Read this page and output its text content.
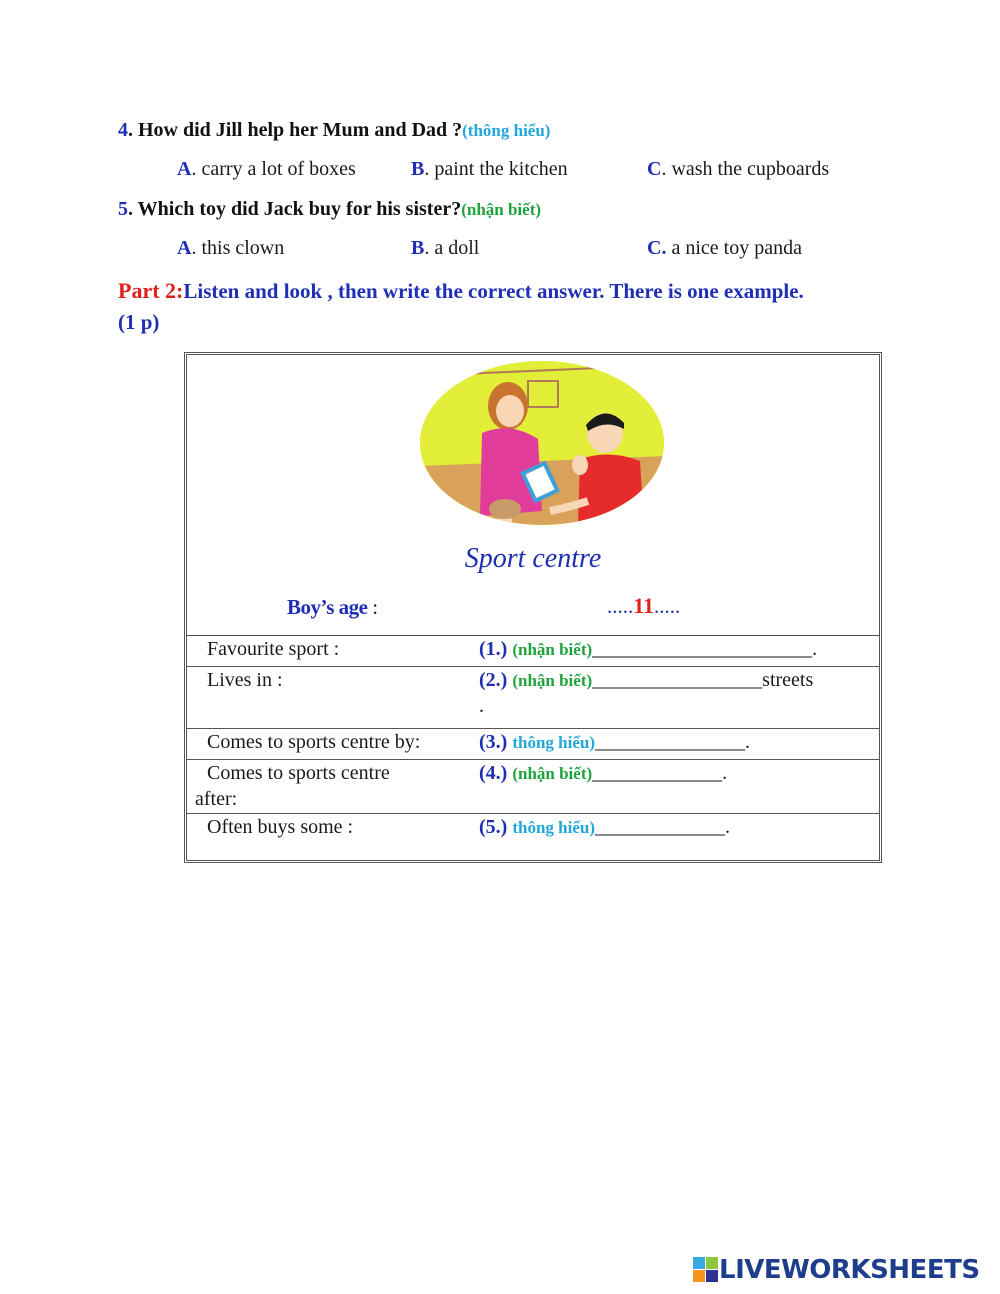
4. How did Jill help her Mum and Dad ?(thông hiểu)
A. carry a lot of boxes	B. paint the kitchen	C. wash the cupboards
5. Which toy did Jack buy for his sister?(nhận biết)
A. this clown	B. a doll	C. a nice toy panda
Part 2:Listen and look , then write the correct answer. There is one example.
(1 p)
Sport centre
Boy’s age :	.....11.....
Favourite sport :	(1.) (nhận biết)______________________.
Lives in :	(2.) (nhận biết)_________________streets
.
Comes to sports centre by:	(3.) thông hiểu)_______________.
Comes to sports centre
after:
(4.) (nhận biết)_____________.
Often buys some :	(5.) thông hiểu)_____________.
LIVEWORKSHEETS
